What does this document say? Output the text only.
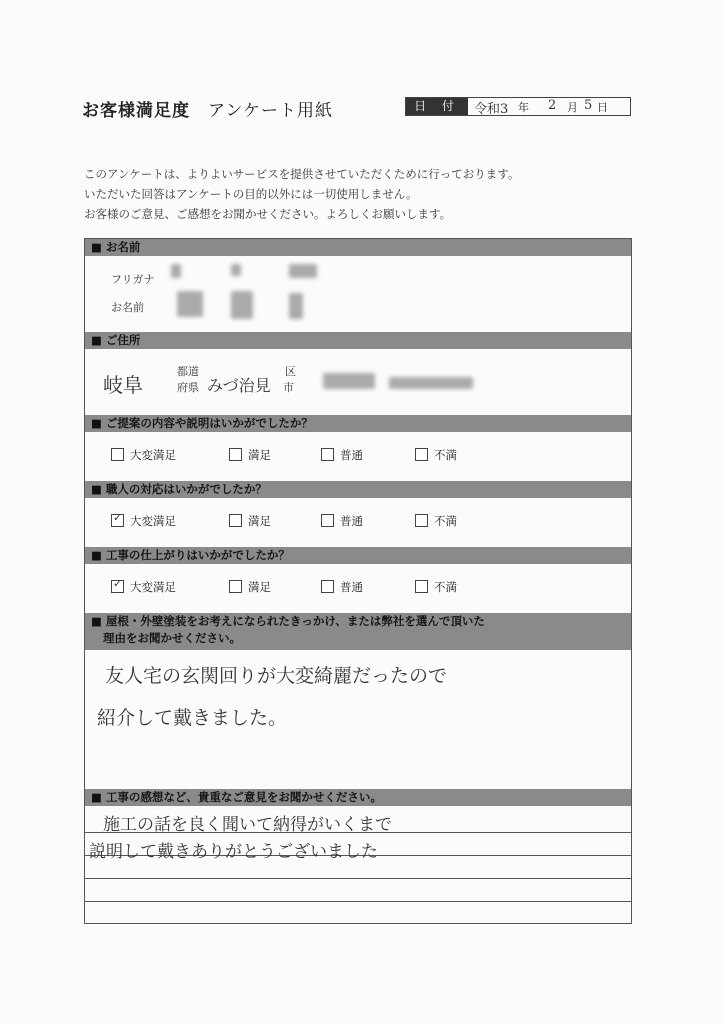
お客様満足度 アンケート用紙	日 付	令和3 年 2 月 5 日
このアンケートは、よりよいサービスを提供させていただくために行っております。
いただいた回答はアンケートの目的以外には一切使用しません。
お客様のご意見、ご感想をお聞かせください。よろしくお願いします。
■ お名前
フリガナ
お名前
■ ご住所
岐阜
都道
府県 みづ治見
区
市
■ ご提案の内容や説明はいかがでしたか？
大変満足	満足	普通	不満
■ 職人の対応はいかがでしたか？
✓ 大変満足	満足	普通	不満
■ 工事の仕上がりはいかがでしたか？
✓ 大変満足	満足	普通	不満
■ 屋根・外壁塗装をお考えになられたきっかけ、または弊社を選んで頂いた
理由をお聞かせください。
友人宅の玄関回りが大変綺麗だったので
紹介して戴きました。
■ 工事の感想など、貴重なご意見をお聞かせください。
施工の話を良く聞いて納得がいくまで
説明して戴きありがとうございました
